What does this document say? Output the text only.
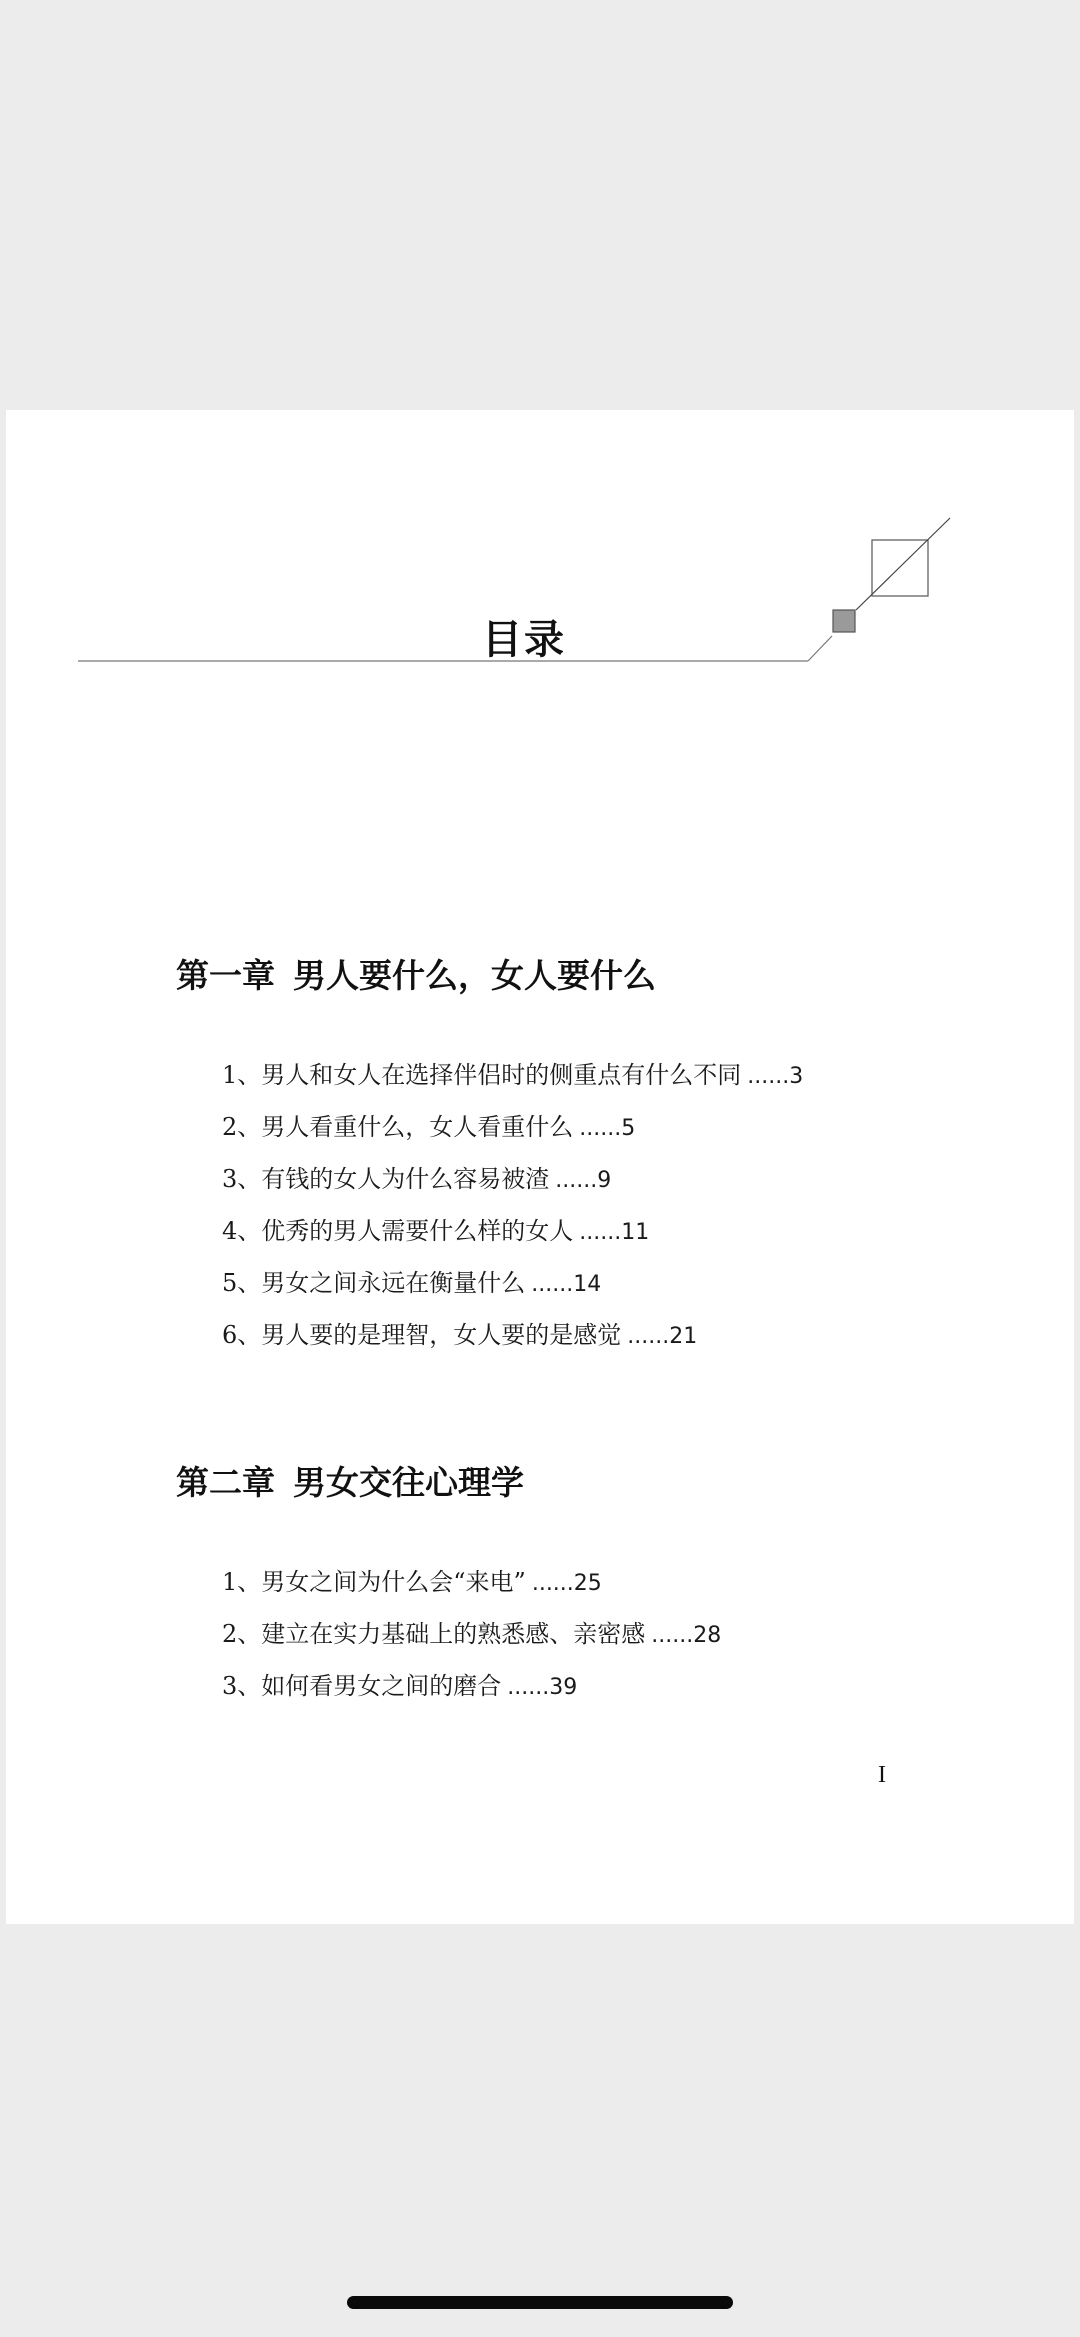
目录
第一章 男人要什么，女人要什么
1、男人和女人在选择伴侣时的侧重点有什么不同 ......3
2、男人看重什么，女人看重什么 ......5
3、有钱的女人为什么容易被渣 ......9
4、优秀的男人需要什么样的女人 ......11
5、男女之间永远在衡量什么 ......14
6、男人要的是理智，女人要的是感觉 ......21
第二章 男女交往心理学
1、男女之间为什么会“来电” ......25
2、建立在实力基础上的熟悉感、亲密感 ......28
3、如何看男女之间的磨合 ......39
I
